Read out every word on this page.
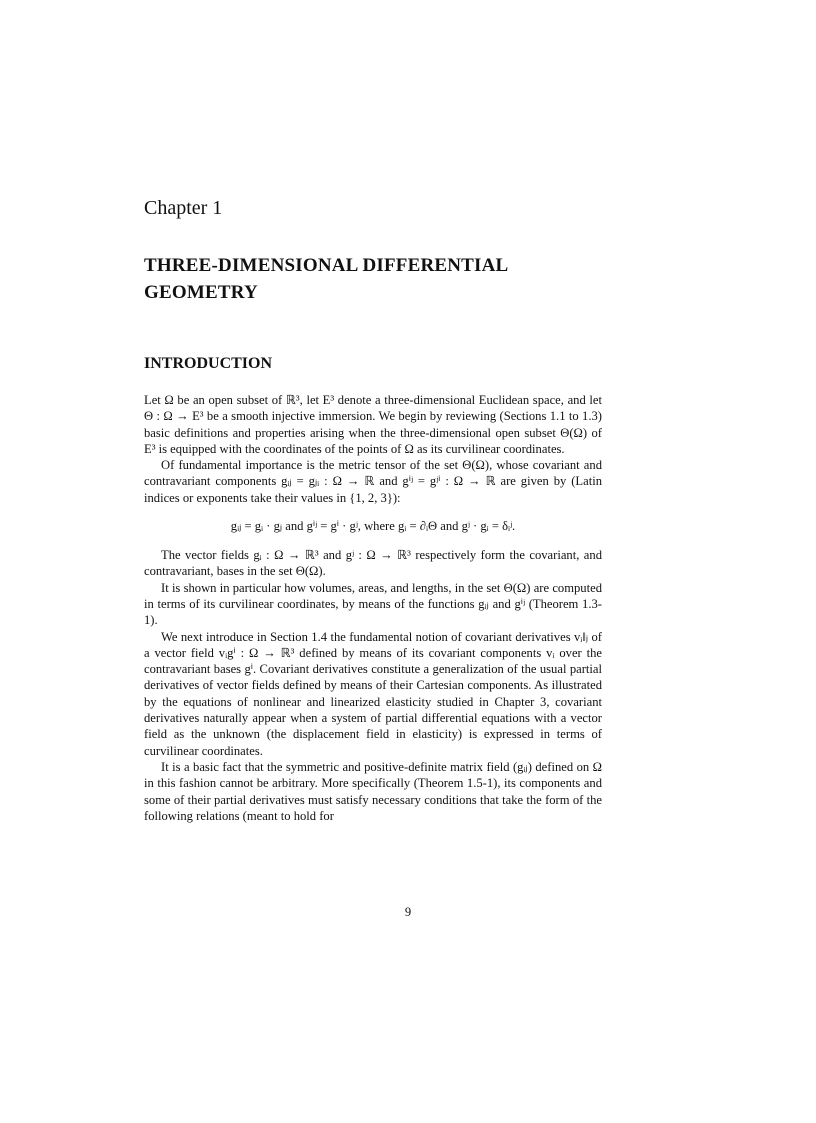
Chapter 1
THREE-DIMENSIONAL DIFFERENTIAL GEOMETRY
INTRODUCTION

Let Ω be an open subset of ℝ³, let E³ denote a three-dimensional Euclidean space, and let Θ : Ω → E³ be a smooth injective immersion. We begin by reviewing (Sections 1.1 to 1.3) basic definitions and properties arising when the three-dimensional open subset Θ(Ω) of E³ is equipped with the coordinates of the points of Ω as its curvilinear coordinates.

Of fundamental importance is the metric tensor of the set Θ(Ω), whose covariant and contravariant components gᵢⱼ = gⱼᵢ : Ω → ℝ and gⁱʲ = gʲⁱ : Ω → ℝ are given by (Latin indices or exponents take their values in {1, 2, 3}):

gᵢⱼ = gᵢ · gⱼ and gⁱʲ = gⁱ · gʲ, where gᵢ = ∂ᵢΘ and gʲ · gᵢ = δᵢʲ.

The vector fields gᵢ : Ω → ℝ³ and gʲ : Ω → ℝ³ respectively form the covariant, and contravariant, bases in the set Θ(Ω).

It is shown in particular how volumes, areas, and lengths, in the set Θ(Ω) are computed in terms of its curvilinear coordinates, by means of the functions gᵢⱼ and gⁱʲ (Theorem 1.3-1).

We next introduce in Section 1.4 the fundamental notion of covariant derivatives vᵢ‖ⱼ of a vector field vᵢgⁱ : Ω → ℝ³ defined by means of its covariant components vᵢ over the contravariant bases gⁱ. Covariant derivatives constitute a generalization of the usual partial derivatives of vector fields defined by means of their Cartesian components. As illustrated by the equations of nonlinear and linearized elasticity studied in Chapter 3, covariant derivatives naturally appear when a system of partial differential equations with a vector field as the unknown (the displacement field in elasticity) is expressed in terms of curvilinear coordinates.

It is a basic fact that the symmetric and positive-definite matrix field (gᵢⱼ) defined on Ω in this fashion cannot be arbitrary. More specifically (Theorem 1.5-1), its components and some of their partial derivatives must satisfy necessary conditions that take the form of the following relations (meant to hold for

9
